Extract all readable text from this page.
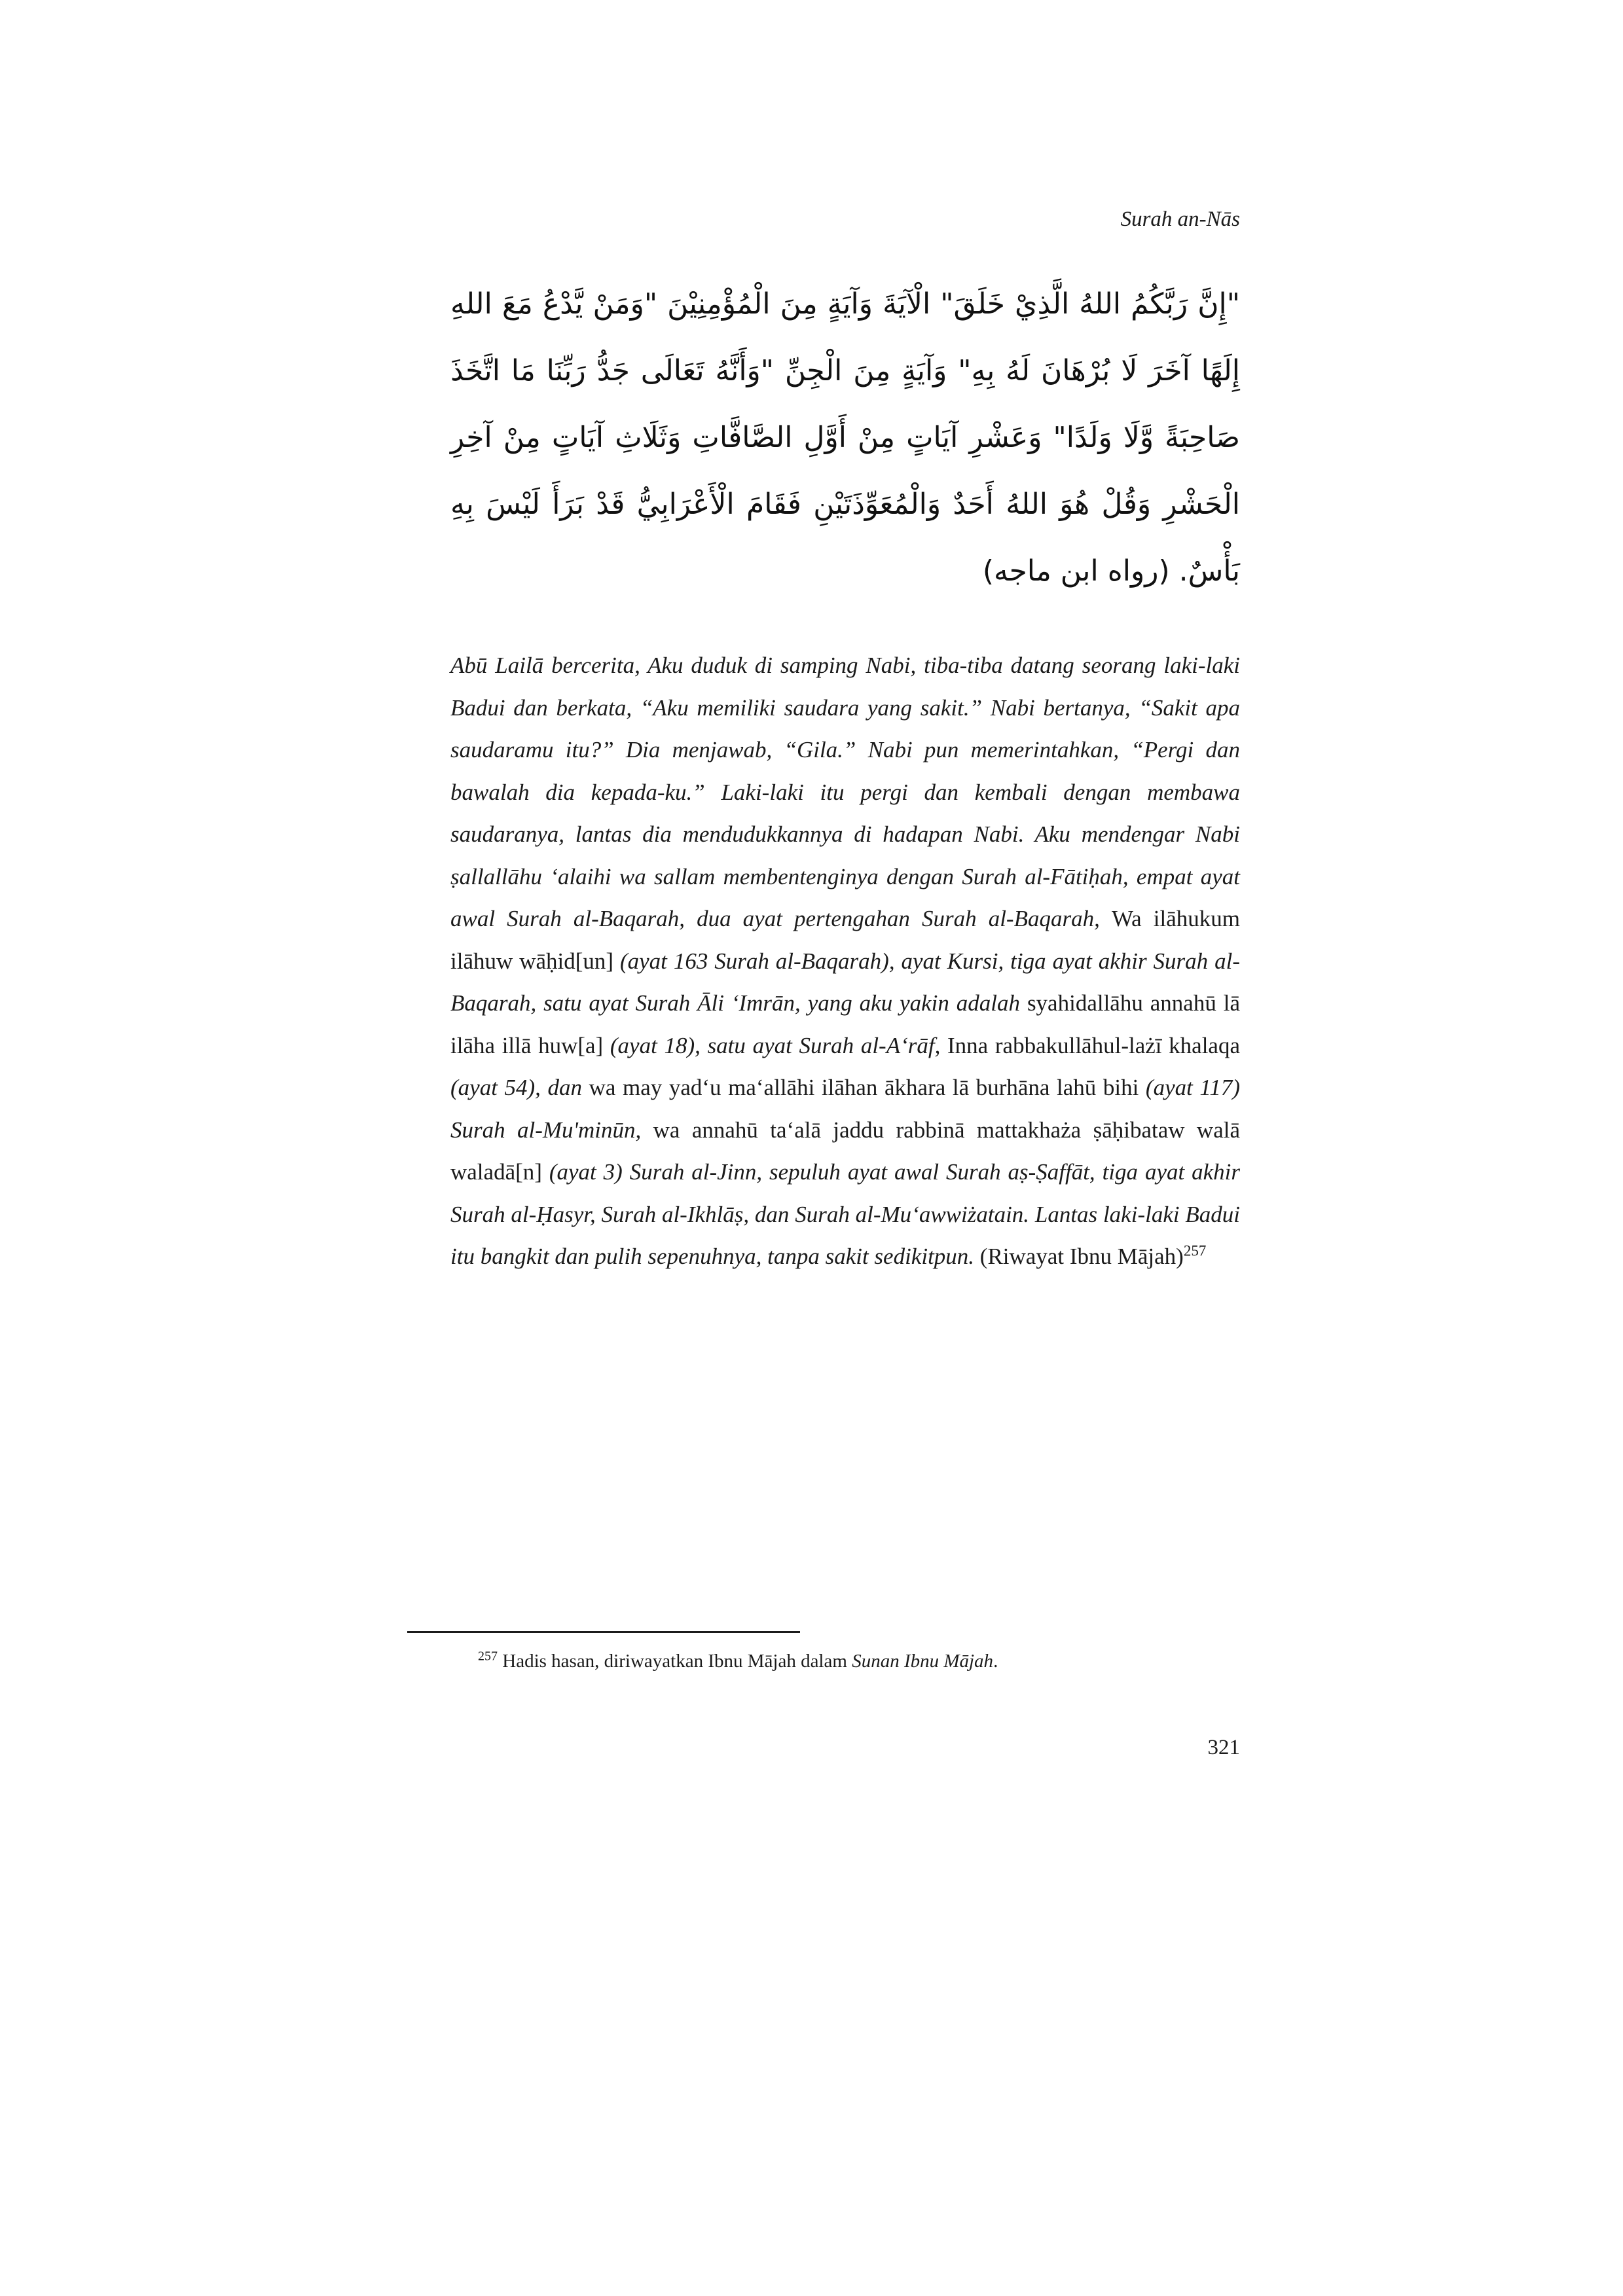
Surah an-Nās
"إِنَّ رَبَّكُمُ اللهُ الَّذِيْ خَلَقَ" الْآيَةَ وَآيَةٍ مِنَ الْمُؤْمِنِيْنَ "وَمَنْ يَّدْعُ مَعَ اللهِ
إِلَهًا آخَرَ لَا بُرْهَانَ لَهُ بِهِ" وَآيَةٍ مِنَ الْجِنِّ "وَأَنَّهُ تَعَالَى جَدُّ رَبِّنَا مَا اتَّخَذَ
صَاحِبَةً وَّلَا وَلَدًا" وَعَشْرِ آيَاتٍ مِنْ أَوَّلِ الصَّافَّاتِ وَثَلَاثِ آيَاتٍ مِنْ آخِرِ
الْحَشْرِ وَقُلْ هُوَ اللهُ أَحَدٌ وَالْمُعَوِّذَتَيْنِ فَقَامَ الْأَعْرَابِيُّ قَدْ بَرَأَ لَيْسَ بِهِ
بَأْسٌ. (رواه ابن ماجه)

Abū Lailā bercerita, Aku duduk di samping Nabi, tiba-tiba datang seorang laki-laki Badui dan berkata, “Aku memiliki saudara yang sakit.” Nabi bertanya, “Sakit apa saudaramu itu?” Dia menjawab, “Gila.” Nabi pun memerintahkan, “Pergi dan bawalah dia kepada-ku.” Laki-laki itu pergi dan kembali dengan membawa saudaranya, lantas dia mendudukkannya di hadapan Nabi. Aku mendengar Nabi ṣallallāhu ‘alaihi wa sallam membentenginya dengan Surah al-Fātiḥah, empat ayat awal Surah al-Baqarah, dua ayat pertengahan Surah al-Baqarah, Wa ilāhukum ilāhuw wāḥid[un] (ayat 163 Surah al-Baqarah), ayat Kursi, tiga ayat akhir Surah al-Baqarah, satu ayat Surah Āli ‘Imrān, yang aku yakin adalah syahidallāhu annahū lā ilāha illā huw[a] (ayat 18), satu ayat Surah al-A‘rāf, Inna rabbakullāhul-lażī khalaqa (ayat 54), dan wa may yad‘u ma‘allāhi ilāhan ākhara lā burhāna lahū bihi (ayat 117) Surah al-Mu'minūn, wa annahū ta‘alā jaddu rabbinā mattakhaża ṣāḥibataw walā waladā[n] (ayat 3) Surah al-Jinn, sepuluh ayat awal Surah aṣ-Ṣaffāt, tiga ayat akhir Surah al-Ḥasyr, Surah al-Ikhlāṣ, dan Surah al-Mu‘awwiżatain. Lantas laki-laki Badui itu bangkit dan pulih sepenuhnya, tanpa sakit sedikitpun. (Riwayat Ibnu Mājah)$^{257}$

$^{257}$ Hadis hasan, diriwayatkan Ibnu Mājah dalam Sunan Ibnu Mājah.
321
